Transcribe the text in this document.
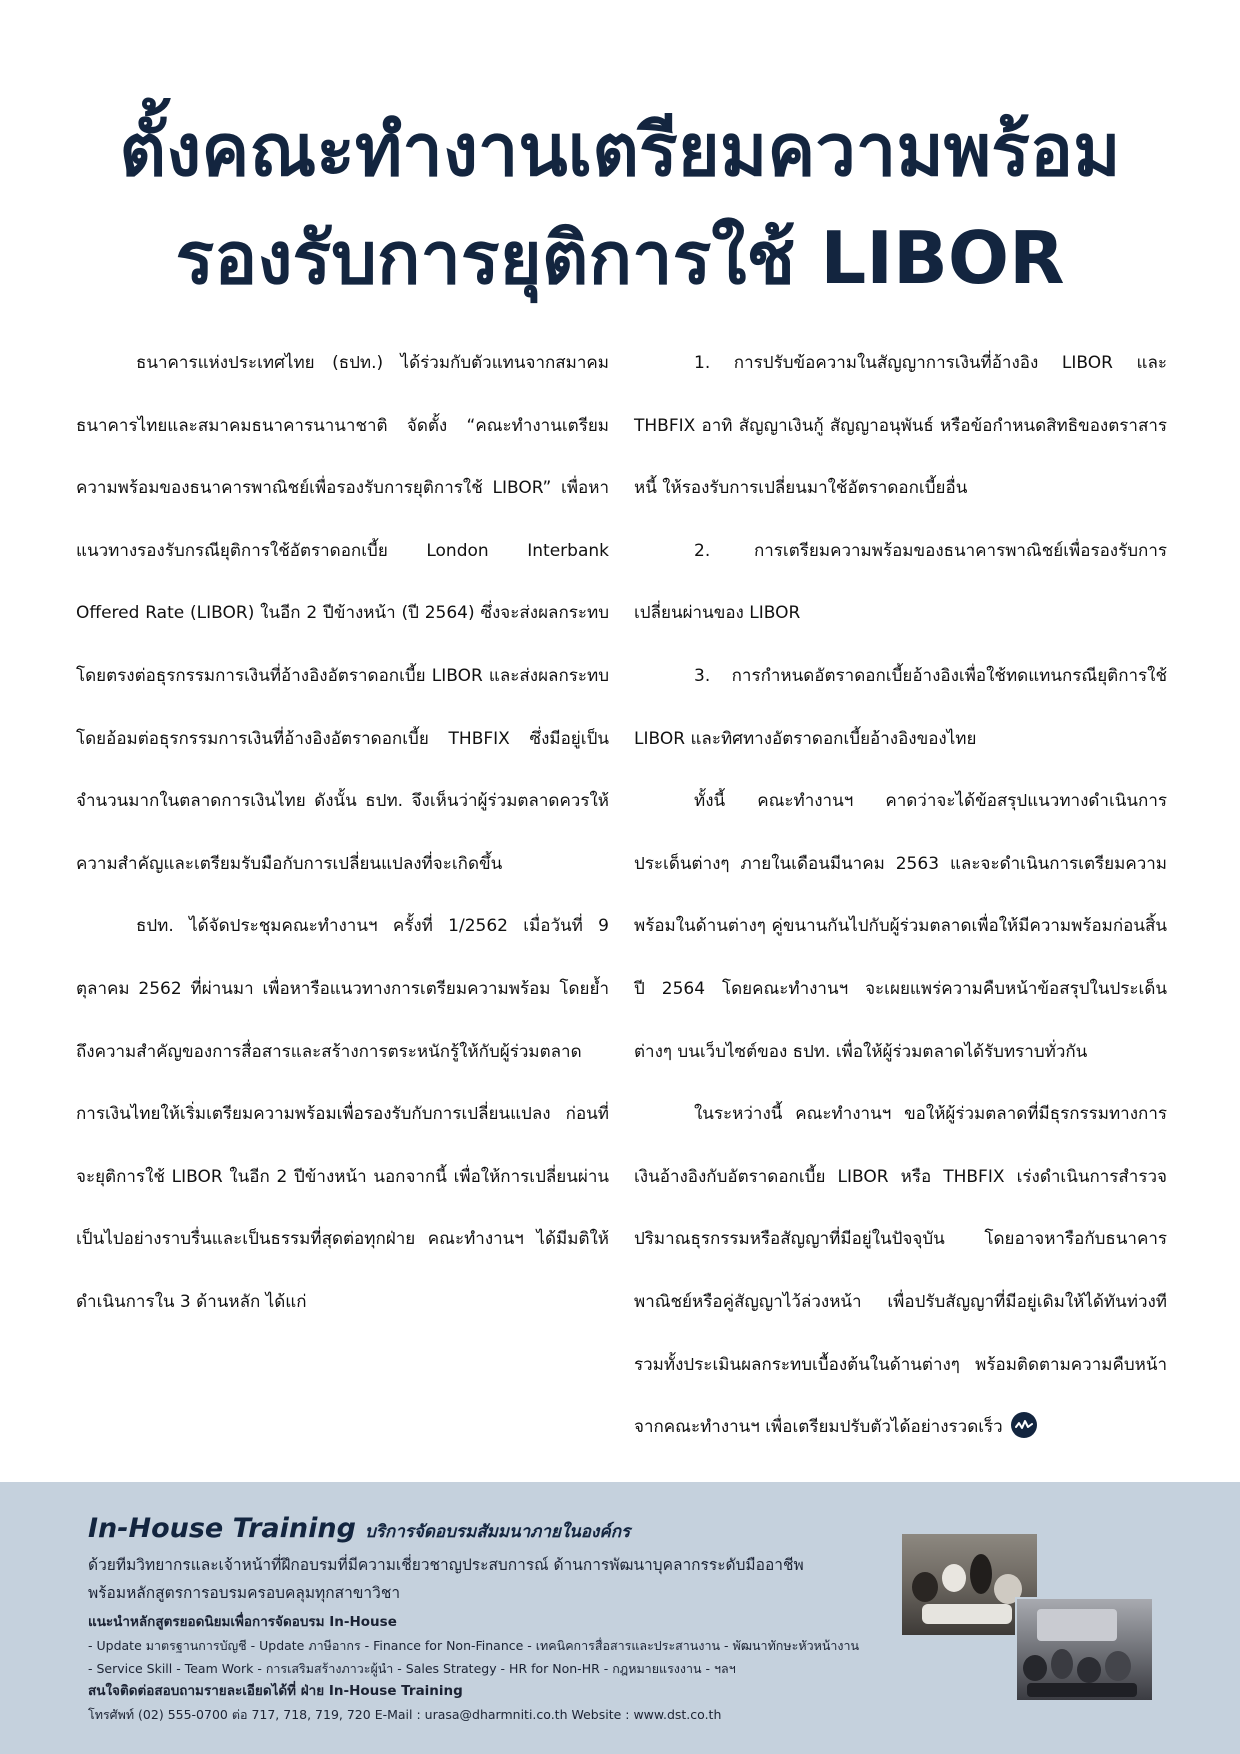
ตั้งคณะทำงานเตรียมความพร้อม
รองรับการยุติการใช้ LIBOR

ธนาคารแห่งประเทศไทย (ธปท.) ได้ร่วมกับตัวแทนจากสมาคมธนาคารไทยและสมาคมธนาคารนานาชาติ จัดตั้ง “คณะทำงานเตรียมความพร้อมของธนาคารพาณิชย์เพื่อรองรับการยุติการใช้ LIBOR” เพื่อหาแนวทางรองรับกรณียุติการใช้อัตราดอกเบี้ย London Interbank Offered Rate (LIBOR) ในอีก 2 ปีข้างหน้า (ปี 2564) ซึ่งจะส่งผลกระทบโดยตรงต่อธุรกรรมการเงินที่อ้างอิงอัตราดอกเบี้ย LIBOR และส่งผลกระทบโดยอ้อมต่อธุรกรรมการเงินที่อ้างอิงอัตราดอกเบี้ย THBFIX ซึ่งมีอยู่เป็นจำนวนมากในตลาดการเงินไทย ดังนั้น ธปท. จึงเห็นว่าผู้ร่วมตลาดควรให้ความสำคัญและเตรียมรับมือกับการเปลี่ยนแปลงที่จะเกิดขึ้น

ธปท. ได้จัดประชุมคณะทำงานฯ ครั้งที่ 1/2562 เมื่อวันที่ 9 ตุลาคม 2562 ที่ผ่านมา เพื่อหารือแนวทางการเตรียมความพร้อม โดยย้ำถึงความสำคัญของการสื่อสารและสร้างการตระหนักรู้ให้กับผู้ร่วมตลาดการเงินไทยให้เริ่มเตรียมความพร้อมเพื่อรองรับกับการเปลี่ยนแปลง ก่อนที่จะยุติการใช้ LIBOR ในอีก 2 ปีข้างหน้า นอกจากนี้ เพื่อให้การเปลี่ยนผ่านเป็นไปอย่างราบรื่นและเป็นธรรมที่สุดต่อทุกฝ่าย คณะทำงานฯ ได้มีมติให้ดำเนินการใน 3 ด้านหลัก ได้แก่

1. การปรับข้อความในสัญญาการเงินที่อ้างอิง LIBOR และ THBFIX อาทิ สัญญาเงินกู้ สัญญาอนุพันธ์ หรือข้อกำหนดสิทธิของตราสารหนี้ ให้รองรับการเปลี่ยนมาใช้อัตราดอกเบี้ยอื่น

2. การเตรียมความพร้อมของธนาคารพาณิชย์เพื่อรองรับการเปลี่ยนผ่านของ LIBOR

3. การกำหนดอัตราดอกเบี้ยอ้างอิงเพื่อใช้ทดแทนกรณียุติการใช้ LIBOR และทิศทางอัตราดอกเบี้ยอ้างอิงของไทย

ทั้งนี้ คณะทำงานฯ คาดว่าจะได้ข้อสรุปแนวทางดำเนินการประเด็นต่างๆ ภายในเดือนมีนาคม 2563 และจะดำเนินการเตรียมความพร้อมในด้านต่างๆ คู่ขนานกันไปกับผู้ร่วมตลาดเพื่อให้มีความพร้อมก่อนสิ้นปี 2564 โดยคณะทำงานฯ จะเผยแพร่ความคืบหน้าข้อสรุปในประเด็นต่างๆ บนเว็บไซต์ของ ธปท. เพื่อให้ผู้ร่วมตลาดได้รับทราบทั่วกัน

ในระหว่างนี้ คณะทำงานฯ ขอให้ผู้ร่วมตลาดที่มีธุรกรรมทางการเงินอ้างอิงกับอัตราดอกเบี้ย LIBOR หรือ THBFIX เร่งดำเนินการสำรวจปริมาณธุรกรรมหรือสัญญาที่มีอยู่ในปัจจุบัน โดยอาจหารือกับธนาคารพาณิชย์หรือคู่สัญญาไว้ล่วงหน้า เพื่อปรับสัญญาที่มีอยู่เดิมให้ได้ทันท่วงที รวมทั้งประเมินผลกระทบเบื้องต้นในด้านต่างๆ พร้อมติดตามความคืบหน้าจากคณะทำงานฯ เพื่อเตรียมปรับตัวได้อย่างรวดเร็ว

In-House Training บริการจัดอบรมสัมมนาภายในองค์กร

ด้วยทีมวิทยากรและเจ้าหน้าที่ฝึกอบรมที่มีความเชี่ยวชาญประสบการณ์ ด้านการพัฒนาบุคลากรระดับมืออาชีพ
พร้อมหลักสูตรการอบรมครอบคลุมทุกสาขาวิชา

แนะนำหลักสูตรยอดนิยมเพื่อการจัดอบรม In-House

- Update มาตรฐานการบัญชี - Update ภาษีอากร - Finance for Non-Finance - เทคนิคการสื่อสารและประสานงาน - พัฒนาทักษะหัวหน้างาน

- Service Skill - Team Work - การเสริมสร้างภาวะผู้นำ - Sales Strategy - HR for Non-HR - กฎหมายแรงงาน - ฯลฯ

สนใจติดต่อสอบถามรายละเอียดได้ที่ ฝ่าย In-House Training

โทรศัพท์ (02) 555-0700 ต่อ 717, 718, 719, 720 E-Mail : urasa@dharmniti.co.th Website : www.dst.co.th
